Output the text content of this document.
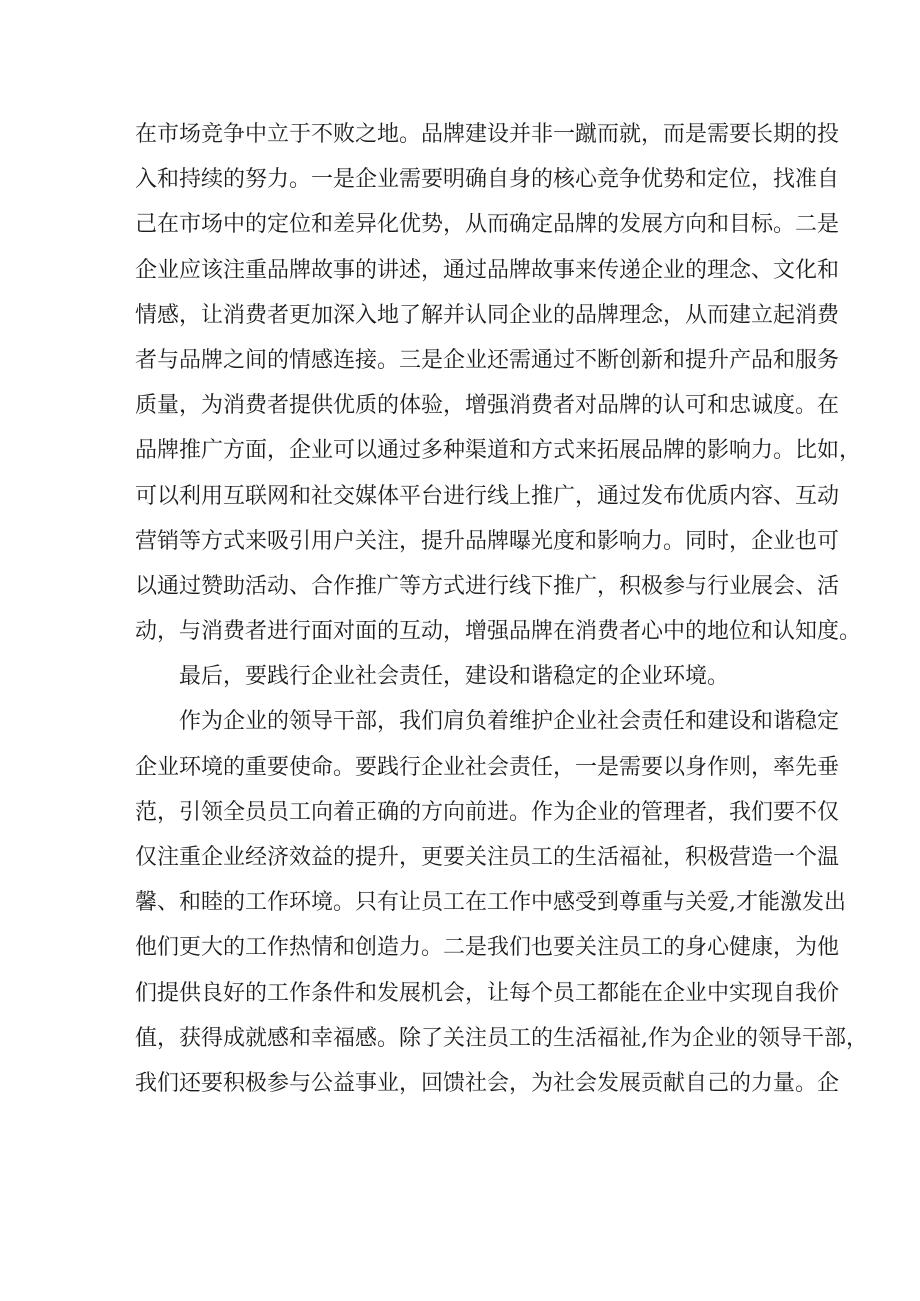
在市场竞争中立于不败之地。品牌建设并非一蹴而就，而是需要长期的投
入和持续的努力。一是企业需要明确自身的核心竞争优势和定位，找准自
己在市场中的定位和差异化优势，从而确定品牌的发展方向和目标。二是
企业应该注重品牌故事的讲述，通过品牌故事来传递企业的理念、文化和
情感，让消费者更加深入地了解并认同企业的品牌理念，从而建立起消费
者与品牌之间的情感连接。三是企业还需通过不断创新和提升产品和服务
质量，为消费者提供优质的体验，增强消费者对品牌的认可和忠诚度。在
品牌推广方面，企业可以通过多种渠道和方式来拓展品牌的影响力。比如，
可以利用互联网和社交媒体平台进行线上推广，通过发布优质内容、互动
营销等方式来吸引用户关注，提升品牌曝光度和影响力。同时，企业也可
以通过赞助活动、合作推广等方式进行线下推广，积极参与行业展会、活
动，与消费者进行面对面的互动，增强品牌在消费者心中的地位和认知度。
最后，要践行企业社会责任，建设和谐稳定的企业环境。
作为企业的领导干部，我们肩负着维护企业社会责任和建设和谐稳定
企业环境的重要使命。要践行企业社会责任，一是需要以身作则，率先垂
范，引领全员员工向着正确的方向前进。作为企业的管理者，我们要不仅
仅注重企业经济效益的提升，更要关注员工的生活福祉，积极营造一个温
馨、和睦的工作环境。只有让员工在工作中感受到尊重与关爱,才能激发出
他们更大的工作热情和创造力。二是我们也要关注员工的身心健康，为他
们提供良好的工作条件和发展机会，让每个员工都能在企业中实现自我价
值，获得成就感和幸福感。除了关注员工的生活福祉,作为企业的领导干部，
我们还要积极参与公益事业，回馈社会，为社会发展贡献自己的力量。企
